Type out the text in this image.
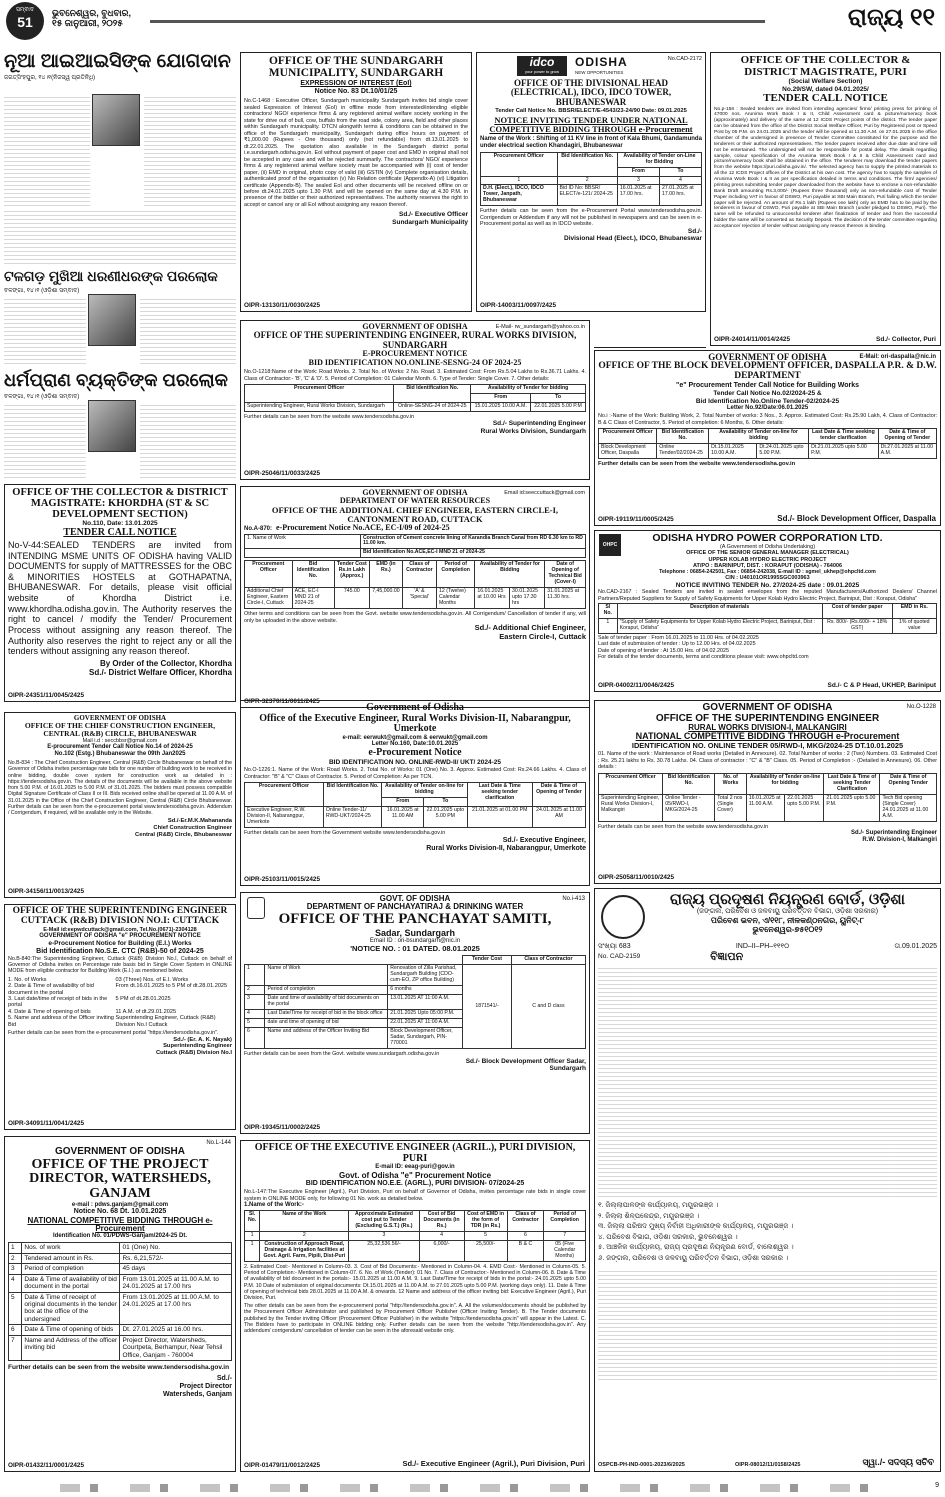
ସମ୍ବାଦ
51
ଭୁବନେଶ୍ୱର, ବୁଧବାର,
୧୫ ଜାନୁଆରୀ, ୨୦୨୫	ରାଜ୍ୟ ୧୧
ନୂଆ ଆଇଆଇସିଙ୍କ ଯୋଗଦାନ
ଜଗତ୍‌ସିଂହପୁର, ୧୪।୧(ନିଜସ୍ୱ ପ୍ରତିନିଧି)
ଟଳଗଡ଼ ମୁଖିଆ ଧରଣୀଧରଙ୍କ ପରଲୋକ
ବଳଙ୍ଗା, ୧୪।୧ (ଓଡ଼ିଶା ସମ୍ବାଦ)
ଧର୍ମପ୍ରାଣ ବ୍ୟକ୍ତିଙ୍କ ପରଲୋକ
ବଳଙ୍ଗା, ୧୪।୧ (ଓଡ଼ିଶା ସମ୍ବାଦ)
OFFICE OF THE SUNDARGARH MUNICIPALITY, SUNDARGARH
EXPRESSION OF INTEREST (EoI)
Notice No. 83 Dt.10/01/25
No.C-1468 : Executive Officer, Sundargarh municipality Sundargarh invites bid single cover sealed Expression of Interest (EoI) in offline mode from interested/intending eligible contractors/ NGO/ experience firms & any registered animal welfare society working in the state for drive out of bull, cow, buffalo from the road side, colony area, field and other places within Sundargarh municipality. DTCN alongwith terms & conditions can be obtained in the office of the Sundargarh municipality, Sundargarh during office hours on payment of ₹1,000.00 (Rupees - One thousand) only (not refundable) from dt.13.01.2025 to dt.22.01.2025. The quotation also available in the Sundargarh district portal i.e.sundargarh.odisha.gov.in. EoI without payment of paper cost and EMD in original shall not be accepted in any case and will be rejected summarily. The contractors/ NGO/ experience firms & any registered animal welfare society must be accompanied with (i) cost of tender paper, (ii) EMD in original, photo copy of valid (iii) GSTIN (iv) Complete organisation details, authenticated proof of the organisation (v) No Relation certificate (Appendix-A) (vi) Litigation certificate (Appendix-B). The sealed EoI and other documents will be received offline on or before dt.24.01.2025 upto 1.30 P.M. and will be opened on the same day at 4.30 P.M. in presence of the bidder or their authorized representatives. The authority reserves the right to accept or cancel any or all EoI without assigning any reason thereof.
Sd./- Executive Officer
Sundargarh Municipality
OIPR-13130/11/0030/2425
idco
your power to grow
ODISHA
NEW OPPORTUNITIES
No.CAD-2172
OFFICE OF THE DIVISIONAL HEAD (ELECTRICAL), IDCO, IDCO TOWER, BHUBANESWAR
Tender Call Notice No. BBSR/ELECT/E-4543/23-24/90 Date: 09.01.2025
NOTICE INVITING TENDER UNDER NATIONAL COMPETITIVE BIDDING THROUGH e-Procurement
Name of the Work : Shifting of 11 KV line in front of Kala Bhumi, Gandamunda under electrical section Khandagiri, Bhubaneswar
Procurement Officer	Bid Identification No.	Availability of Tender on-Line for Bidding	
		From	To
1	2	3	4
D.H. (Elect.), IDCO, IDCO Tower, Janpath, Bhubaneswar	Bid ID No: BBSR/ ELECT/e-121/ 2024-25	16.01.2025 at 17.00 hrs.	27.01.2025 at 17.00 hrs.
Further details can be seen from the e-Procurement Portal www.tendersodisha.gov.in. Corrigendum or Addendum if any will not be published in newspapers and can be seen in e-Procurement portal as well as in IDCO website.
Sd./-
Divisional Head (Elect.), IDCO, Bhubaneswar
OIPR-14003/11/0097/2425
OFFICE OF THE COLLECTOR & DISTRICT MAGISTRATE, PURI
(Social Welfare Section)
No.29/SW, dated 04.01.2025/
TENDER CALL NOTICE
No.p-156 : Sealed tenders are invited from intending agencies/ firms/ printing press for printing of 47000 nos. Arunima Work Book I & II, Child Assessment card & picture/numeracy book (approximately) and delivery of the same at 12 ICDS Project points of the district. The tender paper can be obtained from the office of the District Social Welfare Officer, Puri by Registered post or Speed Post by 05 P.M. on 24.01.2025 and the tender will be opened at 11.30 A.M. on 27.01.2025 in the office chamber of the undersigned in presence of Tender Committee constituted for the purpose and the tenderers or their authorized representatives. The tender papers received after due date and time will not be entertained. The undersigned will not be responsible for postal delay. The details regarding sample, colour specification of the Arunima Work Book I & II & Child Assessment card and picture/numeracy book shall be obtained in the office. The tenderer may download the tender papers from the website https://puri.odisha.gov.in/. The selected agency has to supply the printed materials to all the 12 ICDS Project offices of the District at his own cost. The agency has to supply the samples of Arunima Work Book I & II as per specification detailed in terms and conditions. The firm/ agencies/ printing press submitting tender paper downloaded from the website have to enclose a non-refundable Bank Draft amounting Rs.3,000/- (Rupees three thousand) only as non-refundable cost of Tender Paper including VAT in favour of DSWO, Puri payable at SBI Main Branch, Puri failing which the tender paper will be rejected. An amount of Rs.1 lakh (Rupees one lakh) only as EMD has to be paid by the tenderers in favour of DSWO, Puri payable at SBI Main Branch (under pledged to DSWO, Puri). The same will be refunded to unsuccessful tenderer after finalization of tender and from the successful bidder the same will be converted as Security Deposit. The decision of the tender committee regarding acceptance/ rejection of tender without assigning any reason thereon is binding.
Sd./- Collector, Puri
OIPR-24014/11/0014/2425
GOVERNMENT OF ODISHA	E-Mail- rw_sundargarh@yahoo.co.in
OFFICE OF THE SUPERINTENDING ENGINEER, RURAL WORKS DIVISION, SUNDARGARH
E-PROCUREMENT NOTICE
BID IDENTIFICATION NO.ONLINE-SESNG-24 OF 2024-25
No.O-1218:Name of the Work: Road Works. 2. Total No. of Works: 2 No. Road. 3. Estimated Cost: From Rs.5.04 Lakhs to Rs.36.71 Lakhs. 4. Class of Contractor:- 'B', 'C' & 'D'. 5. Period of Completion: 01 Calendar Month. 6. Type of Tender: Single Cover. 7. Other details:
Procurement Officer	Bid Identification No.	Availability of Tender for bidding	
		From	To
Superintending Engineer, Rural Works Division, Sundargarh	Online-SESNG-24 of 2024-25	15.01.2025 10.00 A.M.	22.01.2025 5.00 P.M
Further details can be seen from the website www.tendersodisha.gov.in
Sd./- Superintending Engineer
Rural Works Division, Sundargarh
OIPR-25046/11/0033/2425
GOVERNMENT OF ODISHA	E-Mail: ori-daspalla@nic.in
OFFICE OF THE BLOCK DEVELOPMENT OFFICER, DASPALLA P.R. & D.W. DEPARTMENT
"e" Procurement Tender Call Notice for Building Works
Tender Call Notice No.02/2024-25 &
Bid Identification No.Online Tender-02/2024-25
Letter No.92/Date:06.01.2025
No.i :-Name of the Work: Building Work, 2. Total Number of works: 3 Nos., 3. Approx. Estimated Cost: Rs.25.90 Lakh, 4. Class of Contractor: B & C Class of Contractor, 5. Period of completion: 6 Months, 6. Other details:
Procurement Officer	Bid Identification No.	Availability of Tender on-line for bidding		Last Date & Time seeking tender clarification	Date & Time of Opening of Tender
Block Development Officer, Daspalla	Online Tender/02/2024-25	Dt.15.01.2025 10.00 A.M.	Dt.24.01.2025 upto 5.00 P.M.	Dt.21.01.2025 upto 5.00 P.M.	Dt.27.01.2025 at 11.00 A.M.
Further details can be seen from the website www.tendersodisha.gov.in
Sd./- Block Development Officer, Daspalla
OIPR-19119/11/0005/2425
OFFICE OF THE COLLECTOR & DISTRICT MAGISTRATE: KHORDHA (ST & SC DEVELOPMENT SECTION)
No.110, Date: 13.01.2025
TENDER CALL NOTICE
No-V-44:SEALED TENDERS are invited from INTENDING MSME UNITS OF ODISHA having VALID DOCUMENTS for supply of MATTRESSES for the OBC & MINORITIES HOSTELS at GOTHAPATNA, BHUBANESWAR. For details, please visit official website of Khordha District i.e. www.khordha.odisha.gov.in. The Authority reserves the right to cancel / modify the Tender/ Procurement Process without assigning any reason thereof. The Authority also reserves the right to reject any or all the tenders without assigning any reason thereof.
By Order of the Collector, Khordha
Sd./- District Welfare Officer, Khordha
OIPR-24351/11/0045/2425
GOVERNMENT OF ODISHA	Email id:seeccuttack@gmail.com
DEPARTMENT OF WATER RESOURCES
OFFICE OF THE ADDITIONAL CHIEF ENGINEER, EASTERN CIRCLE-I, CANTONMENT ROAD, CUTTACK
No.A-870: e-Procurement Notice No.ACE, EC-I/09 of 2024-25
1. Name of Work	Construction of Cement concrete lining of Karandia Branch Canal from RD 6.30 km to RD 11.00 km.
	Bid Identification No.ACE,EC-I MND 21 of 2024-25
Procurement Officer	Bid Identification No.	Tender Cost Rs.in Lakh (Approx.)	EMD (in Rs.)	Class of Contractor	Period of Completion	Availability of Tender for Bidding		Date of Opening of Technical Bid (Cover-I)
Additional Chief Engineer, Eastern Circle-I, Cuttack	ACE, EC-I MND 21 of 2024-25	745.00	7,45,000.00	'A' & 'Special'	12 (Twelve) Calendar Months	16.01.2025 at 10.00 Hrs	30.01.2025 upto 17.30 hrs	31.01.2025 at 11.30 hrs.
Other terms and conditions can be seen from the Govt. website www.tendersodisha.gov.in. All Corrigendum/ Cancellation of tender if any, will only be uploaded in the above website.
Sd./- Additional Chief Engineer,
Eastern Circle-I, Cuttack
OIPR-32370/11/0011/2425
OHPC
ODISHA HYDRO POWER CORPORATION LTD.
(A Government of Odisha Undertaking)
OFFICE OF THE SENIOR GENERAL MANAGER (ELECTRICAL)
UPPER KOLAB HYDRO ELECTRIC PROJECT
AT/PO : BARINIPUT, DIST. : KORAPUT (ODISHA) - 764006
Telephone : 06854-242501, Fax : 06854-242038, E-mail ID : sgmel_ukhep@ohpcltd.com
CIN : U40101OR1995SGC003963
NOTICE INVITING TENDER No. 27/2024-25 date : 09.01.2025
No.CAD-2167 : Sealed Tenders are invited in sealed envelopes from the reputed Manufacturers/Authorized Dealers/ Channel Partners/Reputed Suppliers for Supply of Safety Equipments for Upper Kolab Hydro Electric Project, Bariniput, Dist : Koraput, Odisha"
Sl No.	Description of materials	Cost of tender paper	EMD in Rs.
1	"Supply of Safety Equipments for Upper Kolab Hydro Electric Project, Bariniput, Dist : Koraput, Odisha"	Rs. 800/- (Rs.600/- + 18% GST)	1% of quoted value
Sale of tender paper : From 16.01.2025 to 11.00 Hrs. of 04.02.2025
Last date of submission of tender : Up to 12.00 Hrs. of 04.02.2025
Date of opening of tender : At 15.00 Hrs. of 04.02.2025
For details of the tender documents, terms and conditions please visit: www.ohpcltd.com
Sd./- C & P Head, UKHEP, Bariniput
OIPR-04002/11/0046/2425
GOVERNMENT OF ODISHA
OFFICE OF THE CHIEF CONSTRUCTION ENGINEER, CENTRAL (R&B) CIRCLE, BHUBANESWAR
Mail i.d : seccbbsr@gmail.com
E-procurement Tender Call Notice No.14 of 2024-25
No.102 (Estg.) Bhubaneswar the 09th Jan2025
No.B-834 : The Chief Construction Engineer, Central (R&B) Circle Bhubaneswar on behalf of the Governor of Odisha invites percentage rate bids for one number of building work to be received in online bidding, double cover system for construction work as detailed in : https://tendersodisha.gov.in. The details of the documents will be available in the above website from 5.00 P.M. of 16.01.2025 to 5.00 P.M. of 31.01.2025. The bidders must possess compatible Digital Signature Certificate of Class II or III. Bids received online shall be opened at 11.00 A.M. of 31.01.2025 in the Office of the Chief Construction Engineer, Central (R&B) Circle Bhubaneswar. Further details can be seen from the e-procurement portal www.tendersodisha.gov.in. Addendum / Corrigendum, if required, will be available only in the Website.
Sd./-Er.M.K.Mahananda
Chief Construction Engineer
Central (R&B) Circle, Bhubaneswar
OIPR-34156/11/0013/2425
Government of Odisha
Office of the Executive Engineer, Rural Works Division-II, Nabarangpur, Umerkote
e-mail: eerwukt@gmail.com & eerwukt@gmail.com
Letter No.160, Date:10.01.2025
e-Procurement Notice
BID IDENTIFICATION NO. ONLINE-RWD-II/ UKT/ 2024-25
No.O-1226:1. Name of the Work: Road Works. 2. Total No. of Works: 01 (One) No. 3. Approx. Estimated Cost: Rs.24.66 Lakhs. 4. Class of Contractor: "B" & "C" Class of Contractor. 5. Period of Completion: As per TCN.
Procurement Officer	Bid Identification No.	Availability of Tender on-line for bidding		Last Date & Time seeking tender clarification	Date & Time of Opening of Tender
		From	To		
Executive Engineer, R.W. Division-II, Nabarangpur, Umerkote	Online Tender-11/ RWD-UKT/2024-25	16.01.2025 at 11.00 AM	22.01.2025 upto 5.00 PM	21.01.2025 at 01.00 PM	24.01.2025 at 11.00 AM
Further details can be seen from the Government website www.tendersodisha.gov.in
Sd./- Executive Engineer,
Rural Works Division-II, Nabarangpur, Umerkote
OIPR-25103/11/0015/2425
No.O-1228
GOVERNMENT OF ODISHA
OFFICE OF THE SUPERINTENDING ENGINEER
RURAL WORKS DIVISION-I, MALKANGIRI
NATIONAL COMPETITIVE BIDDING THROUGH e-Procurement
IDENTIFICATION NO. ONLINE TENDER 05/RWD-I, MKG/2024-25 DT.10.01.2025
01. Name of the work : Maintenance of Road works (Detailed in Annexure). 02. Total Number of works : 2 (Two) Numbers. 03. Estimated Cost : Rs. 25.21 lakhs to Rs. 30.78 Lakhs. 04. Class of contractor : "C" & "B" Class. 05. Period of Completion :- (Detailed in Annexure). 06. Other details :
Procurement Officer	Bid Identification No.	No. of Works	Availability of Tender on-line for bidding		Last Date & Time of seeking Tender Clarification	Date & Time of Opening Tender
Superintending Engineer, Rural Works Division-I, Malkangiri	Online Tender - 05/RWD-I, MKG/2024-25	Total 2 nos (Single Cover)	16.01.2025 at 11.00 A.M.	22.01.2025 upto 5.00 P.M.	21.01.2025 upto 5.00 P.M.	Tech Bid opening (Single Cover) 24.01.2025 at 11.00 A.M.
Further details can be seen from the website www.tendersodisha.gov.in
Sd./- Superintending Engineer
R.W. Division-I, Malkangiri
OIPR-25058/11/0010/2425
OFFICE OF THE SUPERINTENDING ENGINEER CUTTACK (R&B) DIVISION NO.I: CUTTACK
E-Mail id:eepwdcuttack@gmail.com, Tel.No.(0671)-2304128
GOVERNMENT OF ODISHA "e" PROCUREMENT NOTICE
e-Procurement Notice for Building (E.I.) Works
Bid Identification No.S.E. CTC (R&B)-50 of 2024-25
No.B-840:The Superintending Engineer, Cuttack (R&B) Division No.I, Cuttack on behalf of Governor of Odisha invites on Percentage rate basis bid in Single Cover System in ONLINE MODE from eligible contractor for Building Work (E.I.) as mentioned below.
1. No. of Works	03 (Three) Nos. of E.I. Works
2. Date & Time of availability of bid document in the portal
From dt.16.01.2025 to 5 PM of dt.28.01.2025
3. Last date/time of receipt of bids in the portal
5 PM of dt.28.01.2025
4. Date & Time of opening of bids	11 A.M. of dt.29.01.2025
5. Name and address of the Officer inviting Bid
Superintending Engineer, Cuttack (R&B) Division No.I Cuttack
Further details can be seen from the e-procurement portal "https://tendersodisha.gov.in".
Sd./- (Er. A. K. Nayak)
Superintending Engineer
Cuttack (R&B) Division No.I
OIPR-34091/11/0041/2425
No.i-413
GOVT. OF ODISHA
DEPARTMENT OF PANCHAYATIRAJ & DRINKING WATER
OFFICE OF THE PANCHAYAT SAMITI,
Sadar, Sundargarh
Email ID : ori-bsundargarh@nic.in
'NOTICE NO. : 01 DATED. 08.01.2025
			Tender Cost	Class of Contractor
1	Name of Work	Renovation of Zilla Parishad, Sundargarh Building (CDO-cum-EO, ZP office Building)	1871541/-	C and D class
2	Period of completion	6 months		
3	Date and time of availability of bid documents on the portal	13.01.2025 AT 11:00 A.M.		
4	Last Date/Time for receipt of bid in the block office	21.01.2025 Upto 05:00 P.M.		
5	date and time of opening of bid	22.01.2025 AT 11:00 A.M.		
6	Name and address of the Officer Inviting Bid	Block Development Officer, Sadar, Sundargarh, PIN-770001		
Further details can be seen from the Govt. website www.sundargarh.odisha.gov.in
Sd./- Block Development Officer Sadar,
Sundargarh
OIPR-19345/11/0002/2425
ରାଜ୍ୟ ପ୍ରଦୂଷଣ ନିୟନ୍ତ୍ରଣ ବୋର୍ଡ, ଓଡ଼ିଶା
(ଜଙ୍ଗଲ, ପରିବେଶ ଓ ଜଳବାୟୁ ପରିବର୍ତ୍ତନ ବିଭାଗ, ଓଡ଼ିଶା ସରକାର)
ପରିବେଶ ଭବନ, ଏ/୧୧୮, ନୀଳକଣ୍ଠନଗର, ୟୁନିଟ୍-୮
ଭୁବନେଶ୍ୱର-୭୫୧୦୧୨
ସଂଖ୍ୟା 683	IND–II–PH–୧୧୧୦	ତା.09.01.2025
No. CAD-2159	ବିଜ୍ଞାପନ
୧. ଜିଲ୍ଲାପାଳଙ୍କ କାର୍ଯ୍ୟାଳୟ, ମୟୂରଭଞ୍ଜ ।
୨. ଜିଲ୍ଲା ଶିଳ୍ପକେନ୍ଦ୍ର, ମୟୂରଭଞ୍ଜ ।
୩. ଜିଲ୍ଲା ପରିଷଦ ମୁଖ୍ୟ ନିର୍ବାହୀ ଅଧିକାରୀଙ୍କ କାର୍ଯ୍ୟାଳୟ, ମୟୂରଭଞ୍ଜ ।
୪. ପରିବେଶ ବିଭାଗ, ଓଡ଼ିଶା ସରକାର, ଭୁବନେଶ୍ୱର ।
୫. ଆଞ୍ଚଳିକ କାର୍ଯ୍ୟାଳୟ, ରାଜ୍ୟ ପ୍ରଦୂଷଣ ନିୟନ୍ତ୍ରଣ ବୋର୍ଡ, ବାଲେଶ୍ୱର ।
୬. ଜଙ୍ଗଲ, ପରିବେଶ ଓ ଜଳବାୟୁ ପରିବର୍ତ୍ତନ ବିଭାଗ, ଓଡ଼ିଶା ସରକାର ।
ସ୍ୱା./- ସଦସ୍ୟ ସଚିବ
OSPCB-PH-IND-0001-2023/6/2025	OIPR-08012/11/0158/2425
No.L-144
GOVERNMENT OF ODISHA
OFFICE OF THE PROJECT DIRECTOR, WATERSHEDS, GANJAM
e-mail : pdws.ganjam@gmail.com
Notice No. 68 Dt. 10.01.2025
NATIONAL COMPETITIVE BIDDING THROUGH e-Procurement
Identification No. 01/PDWS-Ganjam/2024-25 Dt.
1	Nos. of work	01 (One) No.
2	Tendered amount in Rs.	Rs. 6,21,572/-
3	Period of completion	45 days
4	Date & Time of availability of bid document in the portal	From 13.01.2025 at 11.00 A.M. to 24.01.2025 at 17.00 hrs
5	Date & Time of receipt of original documents in the tender box at the office of the undersigned	From 13.01.2025 at 11.00 A.M. to 24.01.2025 at 17.00 hrs
6	Date & Time of opening of bids	Dt. 27.01.2025 at 16.00 hrs.
7	Name and Address of the officer inviting bid	Project Director, Watersheds, Courtpeta, Berhampur, Near Tehsil Office, Ganjam - 760004
Further details can be seen from the website www.tendersodisha.gov.in
Sd./-
Project Director
Watersheds, Ganjam
OIPR-01432/11/0001/2425
OFFICE OF THE EXECUTIVE ENGINEER (AGRIL.), PURI DIVISION, PURI
E-mail ID: eeag-puri@gov.in
Govt. of Odisha "e" Procurement Notice
BID IDENTIFICATION NO.E.E. (AGRL.), PURI DIVISION- 07/2024-25
No.L-147:The Executive Engineer (Agril.), Puri Division, Puri on behalf of Governor of Odisha, invites percentage rate bids in single cover system in ONLINE MODE only, for following 01 No. work as detailed below.
1.Name of the Work:-
Sl. No.	Name of the Work	Approximate Estimated cost put to Tender (Excluding G.S.T.) (Rs.)	Cost of Bid Documents (in Rs.)	Cost of EMD in the form of TDR (in Rs.)	Class of Contractor	Period of Completion
1	2	3	4	5	6	7
1	Construction of Approach Road, Drainage & Irrigation facilities at Govt. Agril. Farm, Pipili, Dist-Puri	25,32,536.56/-	6,000/-	25,500/-	B & C	05 (Five Calendar Months)
2. Estimated Cost:- Mentioned in Column-03. 3. Cost of Bid Documents:- Mentioned in Column-04. 4. EMD Cost:- Mentioned in Column-05. 5. Period of Completion:- Mentioned in Column-07. 6. No. of Work (Tender): 01 No. 7. Class of Contractor:- Mentioned in Column-06. 8. Date & Time of availability of bid document in the portals:- 15.01.2025 at 11.00 A.M. 9. Last Date/Time for receipt of bids in the portal:- 24.01.2025 upto 5.00 P.M. 10 Date of submission of original documents: Dt.15.01.2025 at 11.00 A.M. to 27.01.2025 upto 5.00 P.M. (working days only). 11. Date & Time of opening of technical bids 28.01.2025 at 11.00 A.M. & onwards. 12 Name and address of the officer inviting bid: Executive Engineer (Agril.), Puri Division, Puri.
The other details can be seen from the e-procurement portal "http://tendersodisha.gov.in". A. All the volumes/documents should be published by the Procurement Officer Administrator and published by Procurement Officer Publisher (Officer Inviting Tender). B. The Tender documents published by the Tender inviting Officer (Procurement Officer Publisher) in the website "https://tendersodisha.gov.in" will appear in the Latest. C. The Bidders have to participate in ONLINE bidding only. Further details can be seen from the website "http://tendersodisha.gov.in". Any addendum/ corrigendum/ cancellation of tender can be seen in the aforesaid website only.
Sd./- Executive Engineer (Agril.), Puri Division, Puri
OIPR-01479/11/0012/2425
9
